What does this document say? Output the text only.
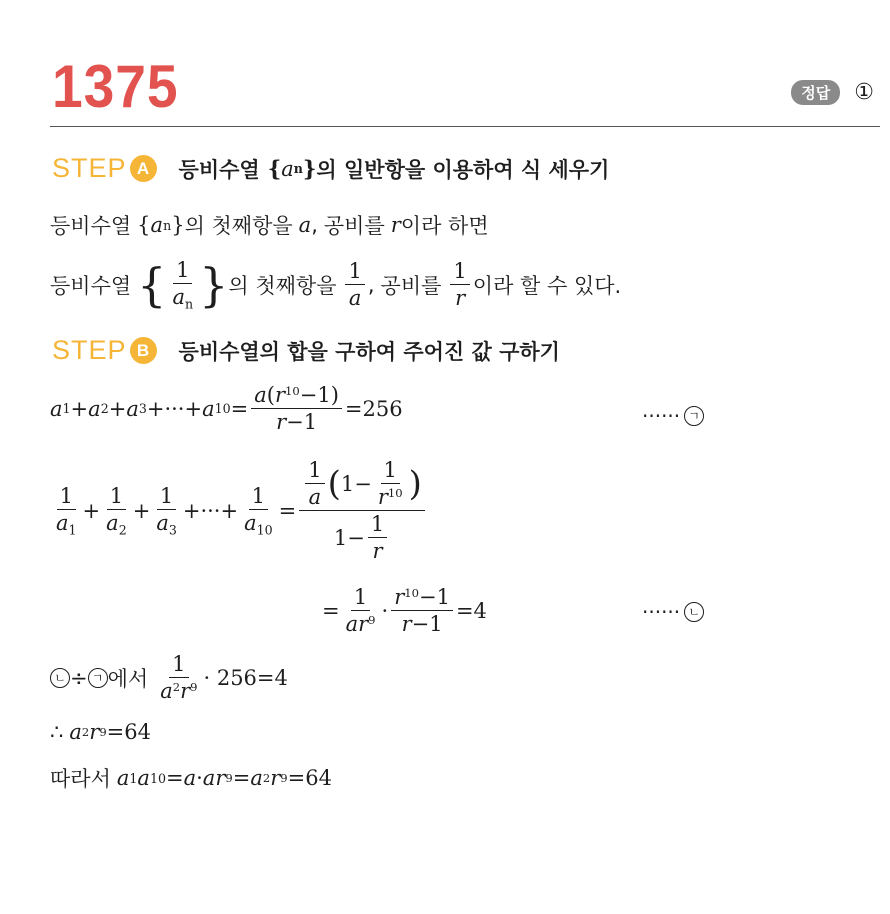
1375	정답	①
STEP A	등비수열 { a n } 의 일반항을 이용하여 식 세우기
등비수열 { a n } 의 첫째항을 a , 공비를 r 이라 하면
등비수열 { $\frac{1}{a_n}$ } 의 첫째항을 $\frac{1}{a}$ , 공비를 $\frac{1}{r}$ 이라 할 수 있다.
STEP B	등비수열의 합을 구하여 주어진 값 구하기
a 1 + a 2 + a 3 +···+ a $10 = \frac{a(r^{10}-1)}{r-1} =256$	······ ㄱ
$\frac{1}{a_1} + \frac{1}{a_2} + \frac{1}{a_3}$ +···+ $\frac{1}{a_{10}} = \frac{\frac{1}{a} ( 1- \frac{1}{r^{10}} )}{1- \frac{1}{r}}$
= $\frac{1}{ar^9} \cdot \frac{r^{10}-1}{r-1} =4$	······ ㄴ
ㄴ ÷ ㄱ 에서 $\frac{1}{a^2r^9} \cdot 256=4$
∴ a 2 r 9 =64
따라서 a 1 a 10 = a · ar 9 = a 2 r 9 =64
